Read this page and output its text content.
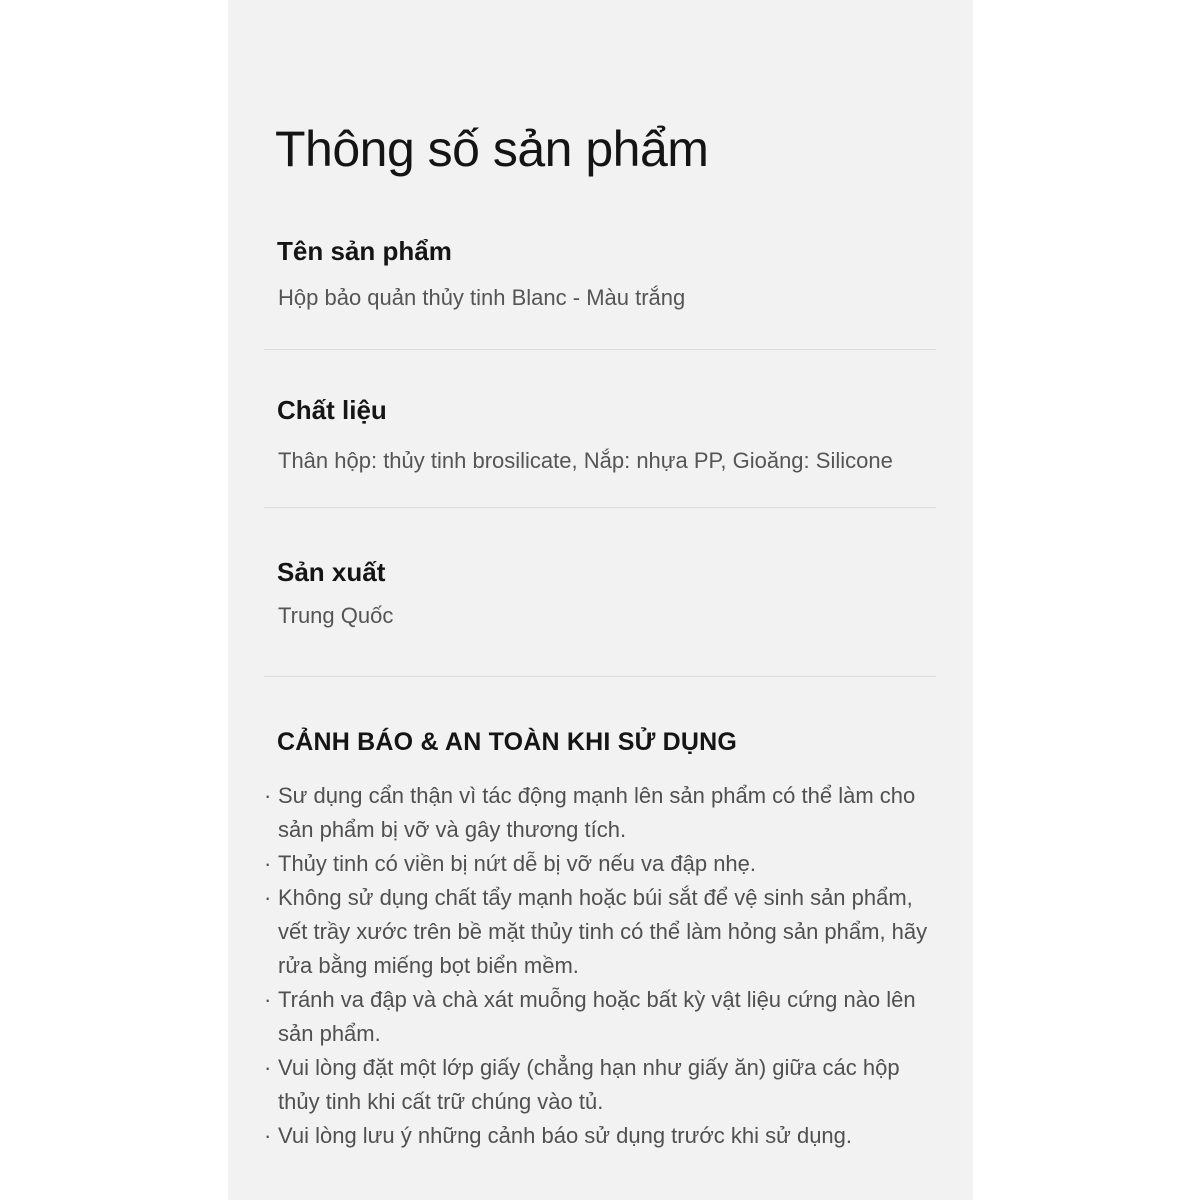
Thông số sản phẩm
Tên sản phẩm

Hộp bảo quản thủy tinh Blanc - Màu trắng

Chất liệu

Thân hộp: thủy tinh brosilicate, Nắp: nhựa PP, Gioăng: Silicone

Sản xuất

Trung Quốc

CẢNH BÁO & AN TOÀN KHI SỬ DỤNG
· Sư dụng cẩn thận vì tác động mạnh lên sản phẩm có thể làm cho sản phẩm bị vỡ và gây thương tích.
· Thủy tinh có viền bị nứt dễ bị vỡ nếu va đập nhẹ.
· Không sử dụng chất tẩy mạnh hoặc búi sắt để vệ sinh sản phẩm, vết trầy xước trên bề mặt thủy tinh có thể làm hỏng sản phẩm, hãy rửa bằng miếng bọt biển mềm.
· Tránh va đập và chà xát muỗng hoặc bất kỳ vật liệu cứng nào lên sản phẩm.
· Vui lòng đặt một lớp giấy (chẳng hạn như giấy ăn) giữa các hộp thủy tinh khi cất trữ chúng vào tủ.
· Vui lòng lưu ý những cảnh báo sử dụng trước khi sử dụng.
